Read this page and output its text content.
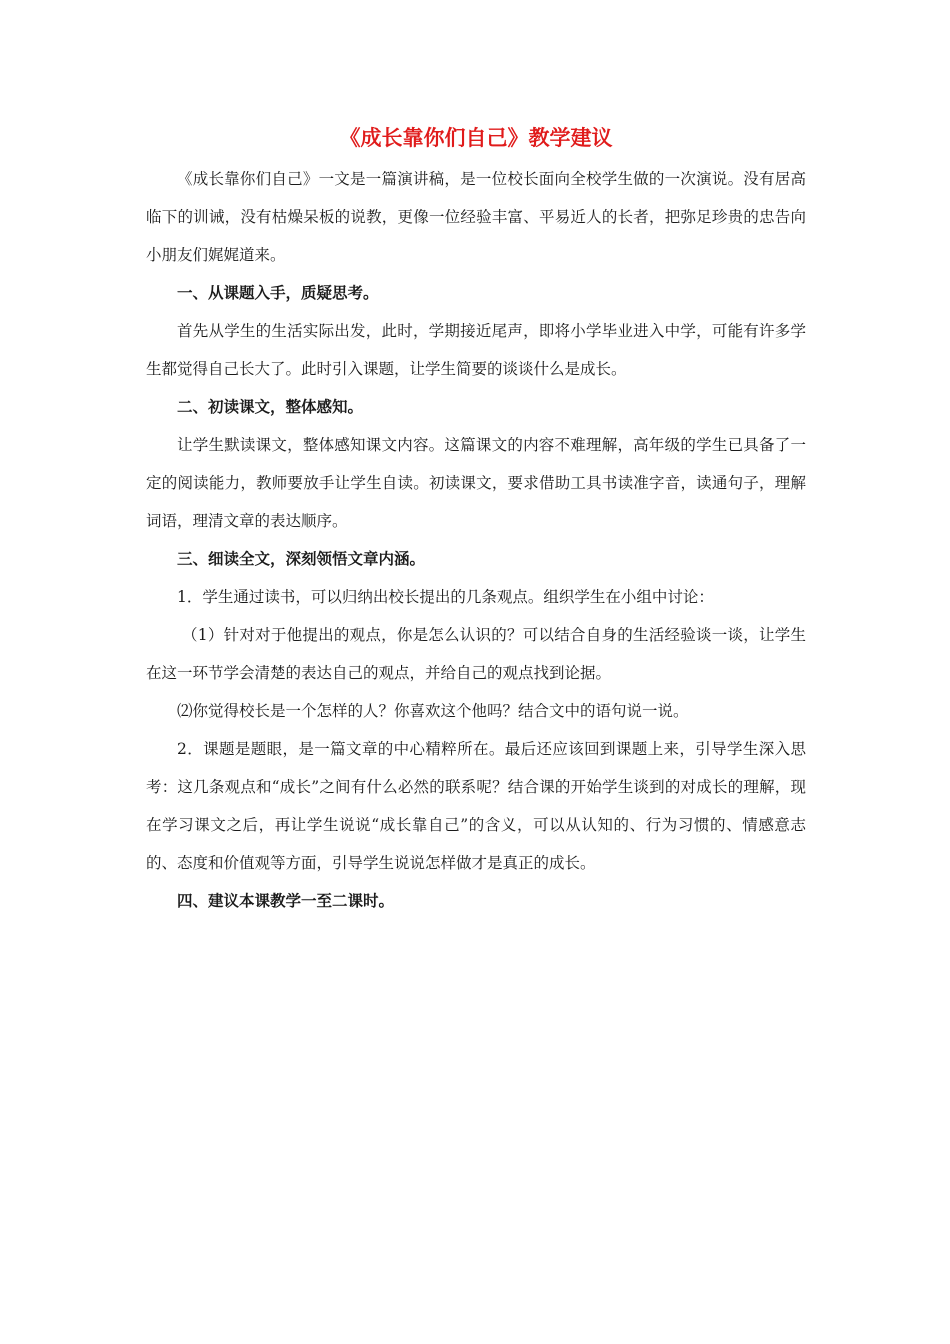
《成长靠你们自己》教学建议

《成长靠你们自己》一文是一篇演讲稿，是一位校长面向全校学生做的一次演说。没有居高临下的训诫，没有枯燥呆板的说教，更像一位经验丰富、平易近人的长者，把弥足珍贵的忠告向小朋友们娓娓道来。

一、从课题入手，质疑思考。

首先从学生的生活实际出发，此时，学期接近尾声，即将小学毕业进入中学，可能有许多学生都觉得自己长大了。此时引入课题，让学生简要的谈谈什么是成长。

二、初读课文，整体感知。

让学生默读课文，整体感知课文内容。这篇课文的内容不难理解，高年级的学生已具备了一定的阅读能力，教师要放手让学生自读。初读课文，要求借助工具书读准字音，读通句子，理解词语，理清文章的表达顺序。

三、细读全文，深刻领悟文章内涵。

1．学生通过读书，可以归纳出校长提出的几条观点。组织学生在小组中讨论：

（1）针对对于他提出的观点，你是怎么认识的？可以结合自身的生活经验谈一谈，让学生在这一环节学会清楚的表达自己的观点，并给自己的观点找到论据。

⑵你觉得校长是一个怎样的人？你喜欢这个他吗？结合文中的语句说一说。

2．课题是题眼，是一篇文章的中心精粹所在。最后还应该回到课题上来，引导学生深入思考：这几条观点和“成长”之间有什么必然的联系呢？结合课的开始学生谈到的对成长的理解，现在学习课文之后，再让学生说说“成长靠自己”的含义，可以从认知的、行为习惯的、情感意志的、态度和价值观等方面，引导学生说说怎样做才是真正的成长。

四、建议本课教学一至二课时。
